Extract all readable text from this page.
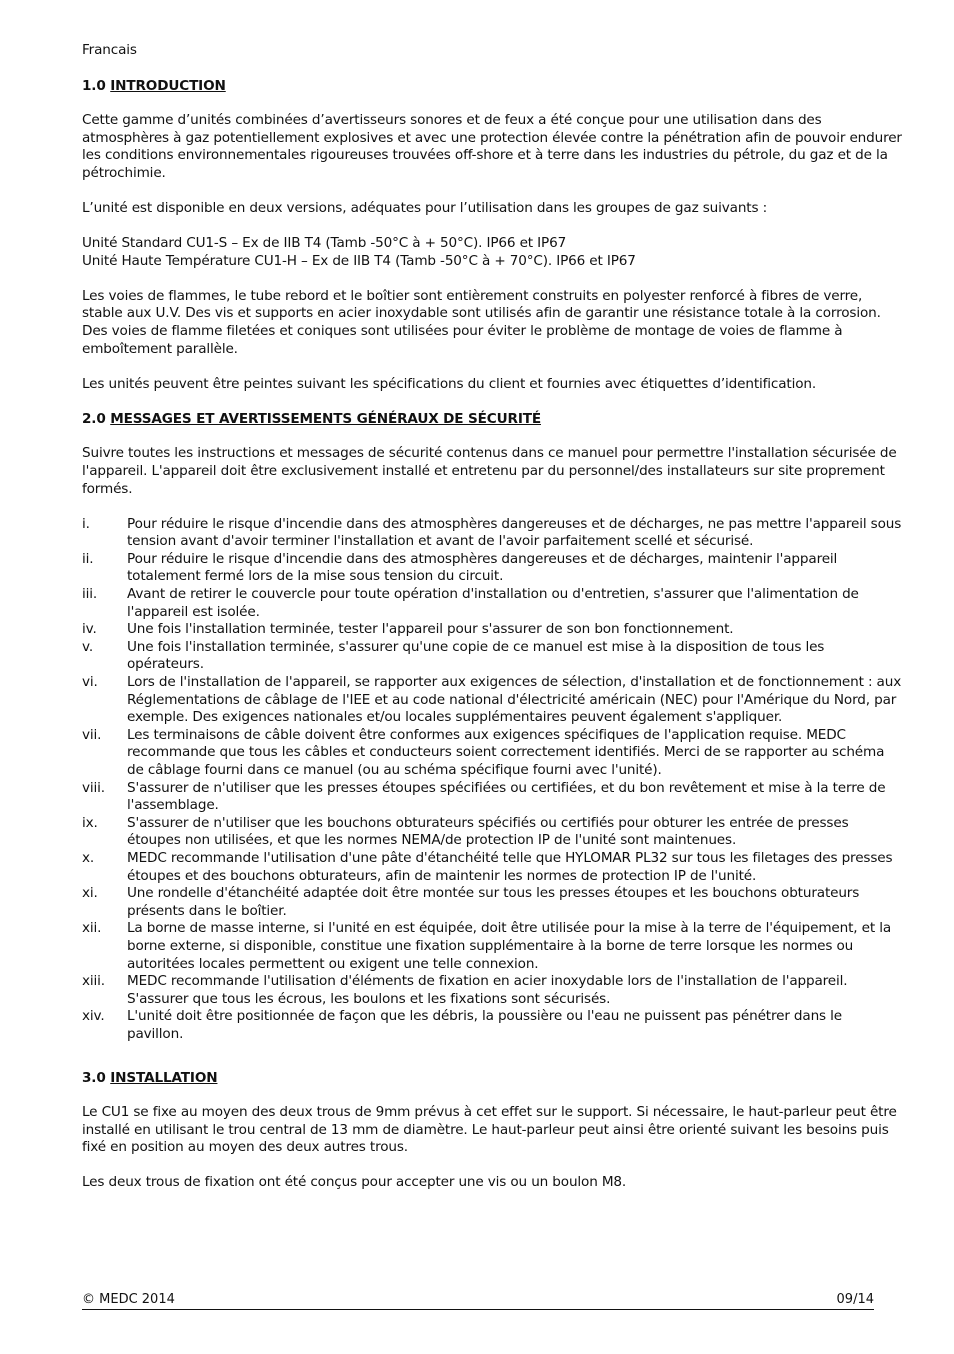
Francais

1.0 INTRODUCTION

Cette gamme d’unités combinées d’avertisseurs sonores et de feux a été conçue pour une utilisation dans des atmosphères à gaz potentiellement explosives et avec une protection élevée contre la pénétration afin de pouvoir endurer les conditions environnementales rigoureuses trouvées off-shore et à terre dans les industries du pétrole, du gaz et de la pétrochimie.

L’unité est disponible en deux versions, adéquates pour l’utilisation dans les groupes de gaz suivants :

Unité Standard CU1-S – Ex de IIB T4 (Tamb -50°C à + 50°C). IP66 et IP67

Unité Haute Température CU1-H – Ex de IIB T4 (Tamb -50°C à + 70°C). IP66 et IP67

Les voies de flammes, le tube rebord et le boîtier sont entièrement construits en polyester renforcé à fibres de verre, stable aux U.V. Des vis et supports en acier inoxydable sont utilisés afin de garantir une résistance totale à la corrosion. Des voies de flamme filetées et coniques sont utilisées pour éviter le problème de montage de voies de flamme à emboîtement parallèle.

Les unités peuvent être peintes suivant les spécifications du client et fournies avec étiquettes d’identification.

2.0 MESSAGES ET AVERTISSEMENTS GÉNÉRAUX DE SÉCURITÉ

Suivre toutes les instructions et messages de sécurité contenus dans ce manuel pour permettre l'installation sécurisée de l'appareil. L'appareil doit être exclusivement installé et entretenu par du personnel/des installateurs sur site proprement formés.

i.	Pour réduire le risque d'incendie dans des atmosphères dangereuses et de décharges, ne pas mettre l'appareil sous tension avant d'avoir terminer l'installation et avant de l'avoir parfaitement scellé et sécurisé.
ii.	Pour réduire le risque d'incendie dans des atmosphères dangereuses et de décharges, maintenir l'appareil totalement fermé lors de la mise sous tension du circuit.
iii.	Avant de retirer le couvercle pour toute opération d'installation ou d'entretien, s'assurer que l'alimentation de l'appareil est isolée.
iv.	Une fois l'installation terminée, tester l'appareil pour s'assurer de son bon fonctionnement.
v.	Une fois l'installation terminée, s'assurer qu'une copie de ce manuel est mise à la disposition de tous les opérateurs.
vi.	Lors de l'installation de l'appareil, se rapporter aux exigences de sélection, d'installation et de fonctionnement : aux Réglementations de câblage de l'IEE et au code national d'électricité américain (NEC) pour l'Amérique du Nord, par exemple. Des exigences nationales et/ou locales supplémentaires peuvent également s'appliquer.
vii.	Les terminaisons de câble doivent être conformes aux exigences spécifiques de l'application requise. MEDC recommande que tous les câbles et conducteurs soient correctement identifiés. Merci de se rapporter au schéma de câblage fourni dans ce manuel (ou au schéma spécifique fourni avec l'unité).
viii.	S'assurer de n'utiliser que les presses étoupes spécifiées ou certifiées, et du bon revêtement et mise à la terre de l'assemblage.
ix.	S'assurer de n'utiliser que les bouchons obturateurs spécifiés ou certifiés pour obturer les entrée de presses étoupes non utilisées, et que les normes NEMA/de protection IP de l'unité sont maintenues.
x.	MEDC recommande l'utilisation d'une pâte d'étanchéité telle que HYLOMAR PL32 sur tous les filetages des presses étoupes et des bouchons obturateurs, afin de maintenir les normes de protection IP de l'unité.
xi.	Une rondelle d'étanchéité adaptée doit être montée sur tous les presses étoupes et les bouchons obturateurs présents dans le boîtier.
xii.	La borne de masse interne, si l'unité en est équipée, doit être utilisée pour la mise à la terre de l'équipement, et la borne externe, si disponible, constitue une fixation supplémentaire à la borne de terre lorsque les normes ou autoritées locales permettent ou exigent une telle connexion.
xiii.	MEDC recommande l'utilisation d'éléments de fixation en acier inoxydable lors de l'installation de l'appareil. S'assurer que tous les écrous, les boulons et les fixations sont sécurisés.
xiv.	L'unité doit être positionnée de façon que les débris, la poussière ou l'eau ne puissent pas pénétrer dans le pavillon.

3.0 INSTALLATION

Le CU1 se fixe au moyen des deux trous de 9mm prévus à cet effet sur le support. Si nécessaire, le haut-parleur peut être installé en utilisant le trou central de 13 mm de diamètre. Le haut-parleur peut ainsi être orienté suivant les besoins puis fixé en position au moyen des deux autres trous.

Les deux trous de fixation ont été conçus pour accepter une vis ou un boulon M8.

© MEDC 2014	09/14
